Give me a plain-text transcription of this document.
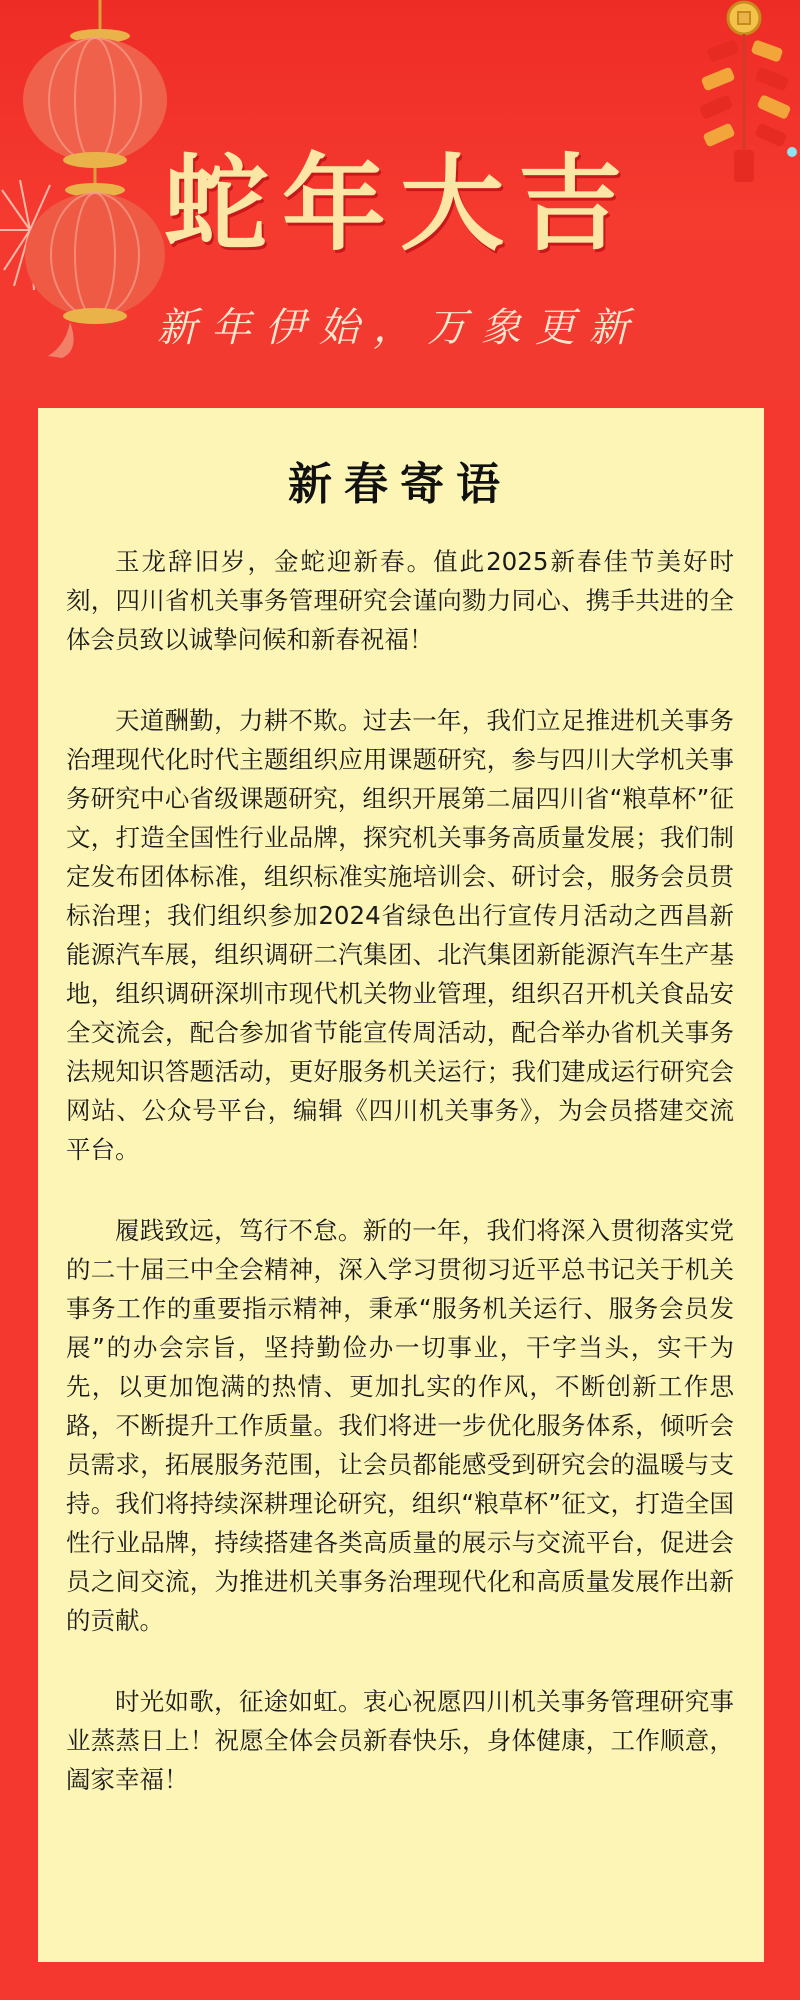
蛇年大吉

新年伊始，万象更新

新春寄语

玉龙辞旧岁，金蛇迎新春。值此2025新春佳节美好时刻，四川省机关事务管理研究会谨向勠力同心、携手共进的全体会员致以诚挚问候和新春祝福！

天道酬勤，力耕不欺。过去一年，我们立足推进机关事务治理现代化时代主题组织应用课题研究，参与四川大学机关事务研究中心省级课题研究，组织开展第二届四川省“粮草杯”征文，打造全国性行业品牌，探究机关事务高质量发展；我们制定发布团体标准，组织标准实施培训会、研讨会，服务会员贯标治理；我们组织参加2024省绿色出行宣传月活动之西昌新能源汽车展，组织调研二汽集团、北汽集团新能源汽车生产基地，组织调研深圳市现代机关物业管理，组织召开机关食品安全交流会，配合参加省节能宣传周活动，配合举办省机关事务法规知识答题活动，更好服务机关运行；我们建成运行研究会网站、公众号平台，编辑《四川机关事务》，为会员搭建交流平台。

履践致远，笃行不怠。新的一年，我们将深入贯彻落实党的二十届三中全会精神，深入学习贯彻习近平总书记关于机关事务工作的重要指示精神，秉承“服务机关运行、服务会员发展”的办会宗旨，坚持勤俭办一切事业，干字当头，实干为先，以更加饱满的热情、更加扎实的作风，不断创新工作思路，不断提升工作质量。我们将进一步优化服务体系，倾听会员需求，拓展服务范围，让会员都能感受到研究会的温暖与支持。我们将持续深耕理论研究，组织“粮草杯”征文，打造全国性行业品牌，持续搭建各类高质量的展示与交流平台，促进会员之间交流，为推进机关事务治理现代化和高质量发展作出新的贡献。

时光如歌，征途如虹。衷心祝愿四川机关事务管理研究事业蒸蒸日上！祝愿全体会员新春快乐，身体健康，工作顺意，阖家幸福！
